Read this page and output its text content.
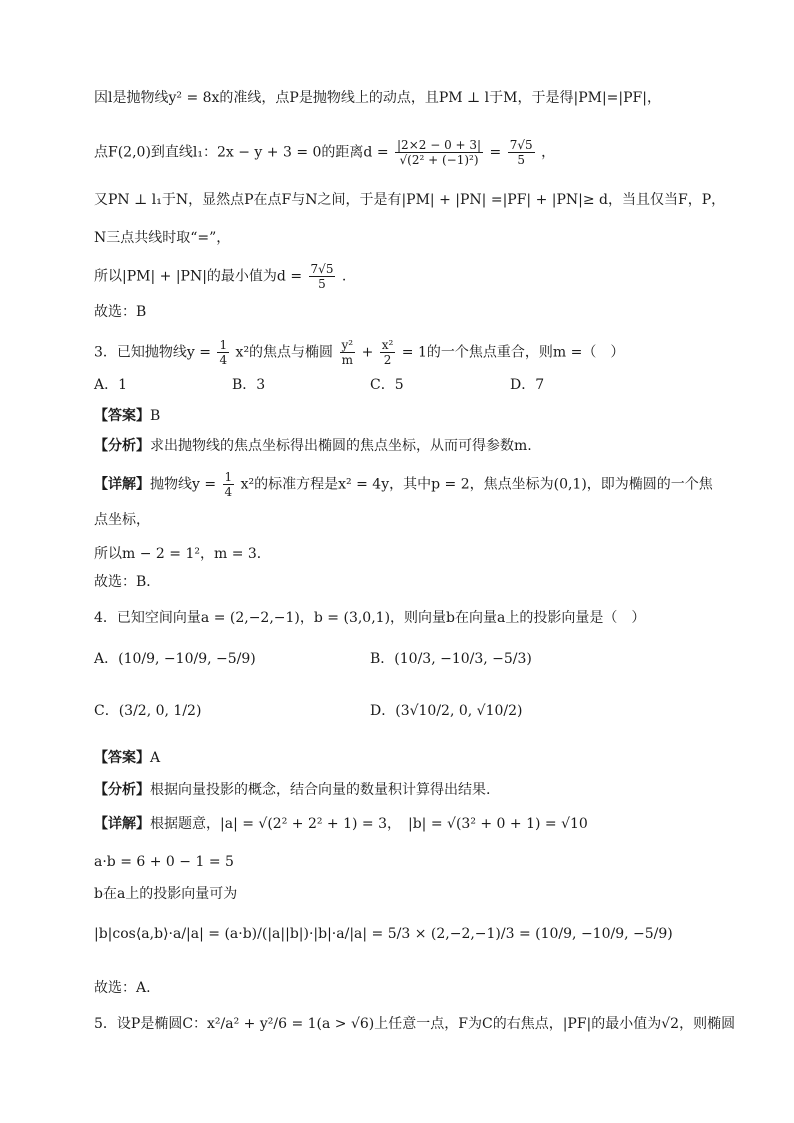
因l是抛物线y² = 8x的准线，点P是抛物线上的动点，且PM ⊥ l于M，于是得|PM|=|PF|，
点F(2,0)到直线l₁：2x − y + 3 = 0的距离$d = \frac{|2\times 2 - 0 + 3|}{\text{√(2² + (−1)²)}} = \frac{7√5}{5}$ ，
又PN ⊥ l₁于N，显然点P在点F与N之间，于是有|PM| + |PN| =|PF| + |PN|≥ d，当且仅当F，P，
N三点共线时取“=”，
所以|PM| + |PN|的最小值为$d = \frac{7√5}{5}$ .
故选：B
3．已知抛物线$y = \frac{1}{4} x^2$的焦点与椭圆 $\frac{\text{y²}}{m} + \frac{\text{x²}}{2} = 1$的一个焦点重合，则m =（　）
A．1	B．3	C．5	D．7
【答案】B
【分析】求出抛物线的焦点坐标得出椭圆的焦点坐标，从而可得参数m.
【详解】抛物线$y = \frac{1}{4} x^2$的标准方程是x² = 4y，其中p = 2，焦点坐标为(0,1)，即为椭圆的一个焦
点坐标，
所以m − 2 = 1²，m = 3．
故选：B．
4．已知空间向量a = (2,−2,−1)，b = (3,0,1)，则向量b在向量a上的投影向量是（　）
A．(10/9, −10/9, −5/9)	B．(10/3, −10/3, −5/3)
C．(3/2, 0, 1/2)	D．(3√10/2, 0, √10/2)
【答案】A
【分析】根据向量投影的概念，结合向量的数量积计算得出结果.
【详解】根据题意，|a| = √(2² + 2² + 1) = 3，　|b| = √(3² + 0 + 1) = √10
a·b = 6 + 0 − 1 = 5
b在a上的投影向量可为
|b|cos⟨a,b⟩·a/|a| = (a·b)/(|a||b|)·|b|·a/|a| = 5/3 × (2,−2,−1)/3 = (10/9, −10/9, −5/9)
故选：A.
5．设P是椭圆C：x²/a² + y²/6 = 1(a > √6)上任意一点，F为C的右焦点，|PF|的最小值为√2，则椭圆
